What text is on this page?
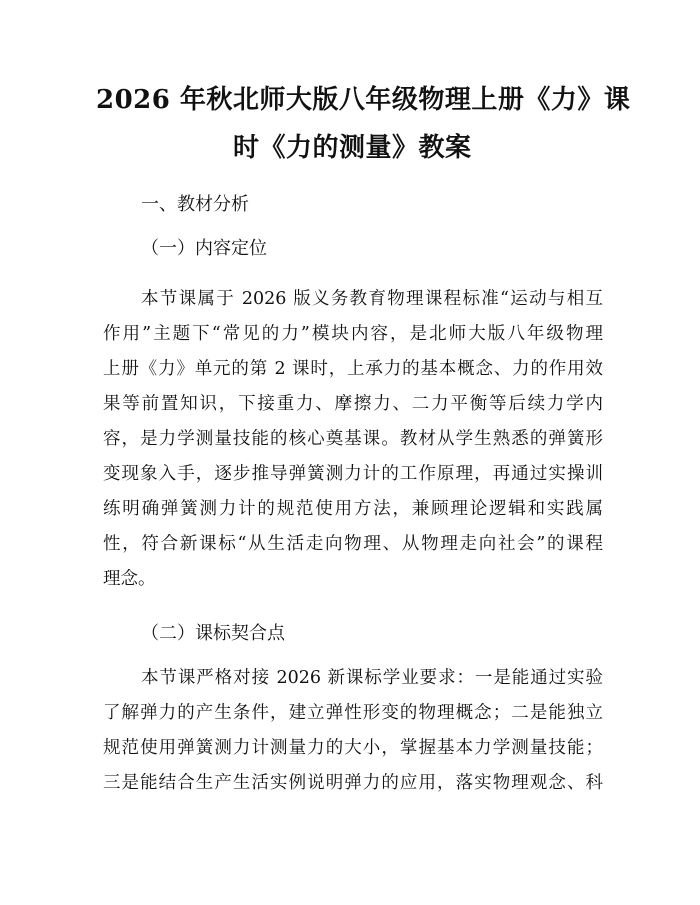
2026 年秋北师大版八年级物理上册《力》课
时《力的测量》教案
一、教材分析
（一）内容定位
本节课属于 2026 版义务教育物理课程标准“运动与相互
作用”主题下“常见的力”模块内容，是北师大版八年级物理
上册《力》单元的第 2 课时，上承力的基本概念、力的作用效
果等前置知识，下接重力、摩擦力、二力平衡等后续力学内
容，是力学测量技能的核心奠基课。教材从学生熟悉的弹簧形
变现象入手，逐步推导弹簧测力计的工作原理，再通过实操训
练明确弹簧测力计的规范使用方法，兼顾理论逻辑和实践属
性，符合新课标“从生活走向物理、从物理走向社会”的课程
理念。
（二）课标契合点
本节课严格对接 2026 新课标学业要求：一是能通过实验
了解弹力的产生条件，建立弹性形变的物理概念；二是能独立
规范使用弹簧测力计测量力的大小，掌握基本力学测量技能；
三是能结合生产生活实例说明弹力的应用，落实物理观念、科
